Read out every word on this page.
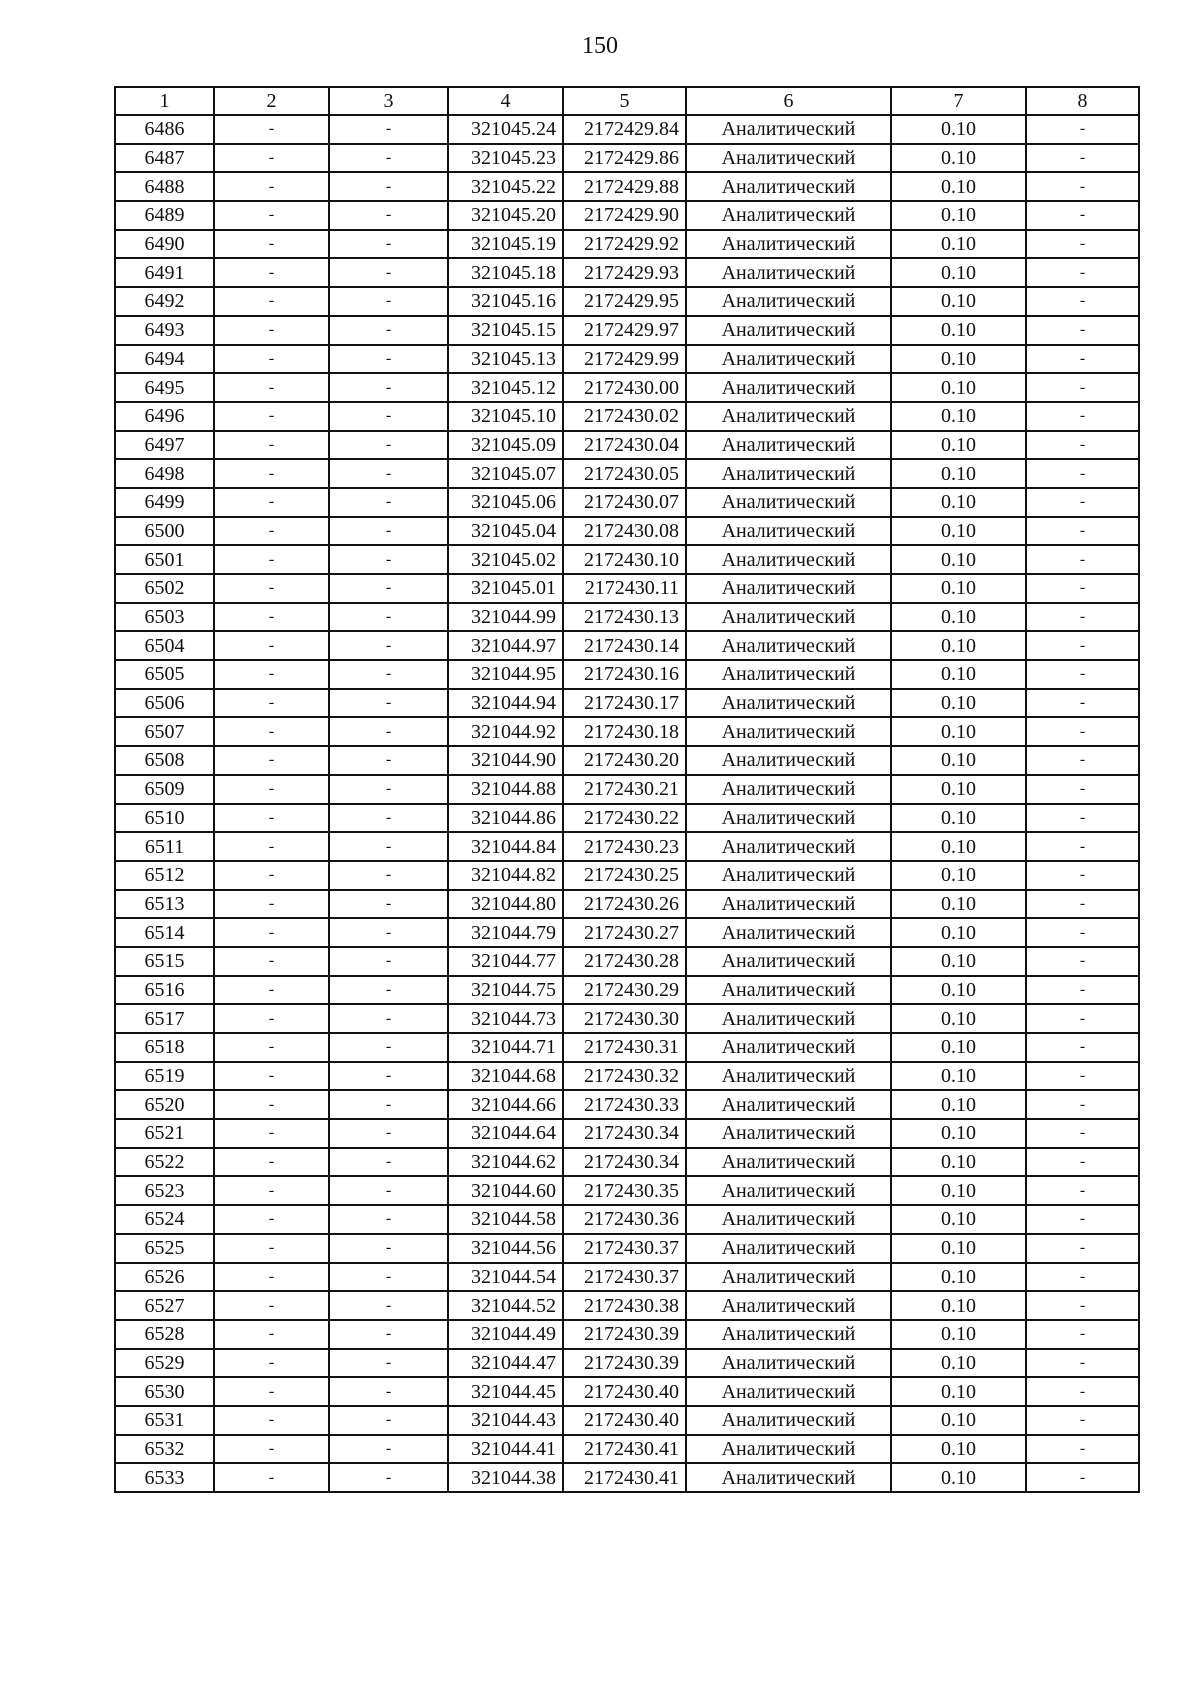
150
1	2	3	4	5	6	7	8
6486	-	-	321045.24	2172429.84	Аналитический	0.10	-
6487	-	-	321045.23	2172429.86	Аналитический	0.10	-
6488	-	-	321045.22	2172429.88	Аналитический	0.10	-
6489	-	-	321045.20	2172429.90	Аналитический	0.10	-
6490	-	-	321045.19	2172429.92	Аналитический	0.10	-
6491	-	-	321045.18	2172429.93	Аналитический	0.10	-
6492	-	-	321045.16	2172429.95	Аналитический	0.10	-
6493	-	-	321045.15	2172429.97	Аналитический	0.10	-
6494	-	-	321045.13	2172429.99	Аналитический	0.10	-
6495	-	-	321045.12	2172430.00	Аналитический	0.10	-
6496	-	-	321045.10	2172430.02	Аналитический	0.10	-
6497	-	-	321045.09	2172430.04	Аналитический	0.10	-
6498	-	-	321045.07	2172430.05	Аналитический	0.10	-
6499	-	-	321045.06	2172430.07	Аналитический	0.10	-
6500	-	-	321045.04	2172430.08	Аналитический	0.10	-
6501	-	-	321045.02	2172430.10	Аналитический	0.10	-
6502	-	-	321045.01	2172430.11	Аналитический	0.10	-
6503	-	-	321044.99	2172430.13	Аналитический	0.10	-
6504	-	-	321044.97	2172430.14	Аналитический	0.10	-
6505	-	-	321044.95	2172430.16	Аналитический	0.10	-
6506	-	-	321044.94	2172430.17	Аналитический	0.10	-
6507	-	-	321044.92	2172430.18	Аналитический	0.10	-
6508	-	-	321044.90	2172430.20	Аналитический	0.10	-
6509	-	-	321044.88	2172430.21	Аналитический	0.10	-
6510	-	-	321044.86	2172430.22	Аналитический	0.10	-
6511	-	-	321044.84	2172430.23	Аналитический	0.10	-
6512	-	-	321044.82	2172430.25	Аналитический	0.10	-
6513	-	-	321044.80	2172430.26	Аналитический	0.10	-
6514	-	-	321044.79	2172430.27	Аналитический	0.10	-
6515	-	-	321044.77	2172430.28	Аналитический	0.10	-
6516	-	-	321044.75	2172430.29	Аналитический	0.10	-
6517	-	-	321044.73	2172430.30	Аналитический	0.10	-
6518	-	-	321044.71	2172430.31	Аналитический	0.10	-
6519	-	-	321044.68	2172430.32	Аналитический	0.10	-
6520	-	-	321044.66	2172430.33	Аналитический	0.10	-
6521	-	-	321044.64	2172430.34	Аналитический	0.10	-
6522	-	-	321044.62	2172430.34	Аналитический	0.10	-
6523	-	-	321044.60	2172430.35	Аналитический	0.10	-
6524	-	-	321044.58	2172430.36	Аналитический	0.10	-
6525	-	-	321044.56	2172430.37	Аналитический	0.10	-
6526	-	-	321044.54	2172430.37	Аналитический	0.10	-
6527	-	-	321044.52	2172430.38	Аналитический	0.10	-
6528	-	-	321044.49	2172430.39	Аналитический	0.10	-
6529	-	-	321044.47	2172430.39	Аналитический	0.10	-
6530	-	-	321044.45	2172430.40	Аналитический	0.10	-
6531	-	-	321044.43	2172430.40	Аналитический	0.10	-
6532	-	-	321044.41	2172430.41	Аналитический	0.10	-
6533	-	-	321044.38	2172430.41	Аналитический	0.10	-
